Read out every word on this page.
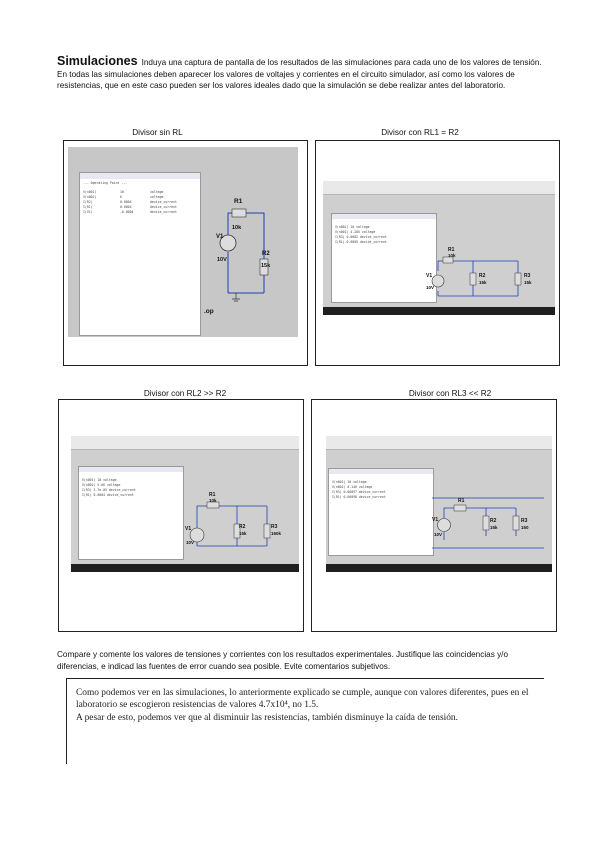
Simulaciones Induya una captura de pantalla de los resultados de las simulaciones para cada uno de los valores de tensión. En todas las simulaciones deben aparecer los valores de voltajes y corrientes en el circuito simulador, así como los valores de resistencias, que en este caso pueden ser los valores ideales dado que la simulación se debe realizar antes del laboratorio.
Divisor sin RL	Divisor con RL1 = R2
Divisor con RL2 >> R2	Divisor con RL3 << R2
--- Operating Point ---
V(n001)	10	voltage
V(n002)	6	voltage
I(R2)	0.0004	device_current
I(R1)	0.0004	device_current
I(V1)	-0.0004	device_current
R1
10k
V1
10V
R2
15k
.op
V(n001) 10 voltage
V(n002) 4.285 voltage
I(R3) 0.0002 device_current
I(R1) 0.0005 device_current
R1
10k
V1
10V
R2
15k
R3
15k
V(n001) 10 voltage
V(n002) 5.66 voltage
I(R3) 3.7e-05 device_current
I(R1) 0.0004 device_current	R1
10k
V1
10V
R2
15k
R3
150k
V(n001) 10 voltage
V(n002) 0.146 voltage
I(R3) 0.00097 device_current
I(R1) 0.00098 device_current
R1
V1
10V
R2
15k
R3
150
Compare y comente los valores de tensiones y corrientes con los resultados experimentales. Justifique las coincidencias y/o diferencias, e indicad las fuentes de error cuando sea posible. Evite comentarios subjetivos.

Como podemos ver en las simulaciones, lo anteriormente explicado se cumple, aunque con valores diferentes, pues en el laboratorio se escogieron resistencias de valores 4.7x10⁴, no 1.5.
A pesar de esto, podemos ver que al disminuir las resistencias, también disminuye la caída de tensión.
